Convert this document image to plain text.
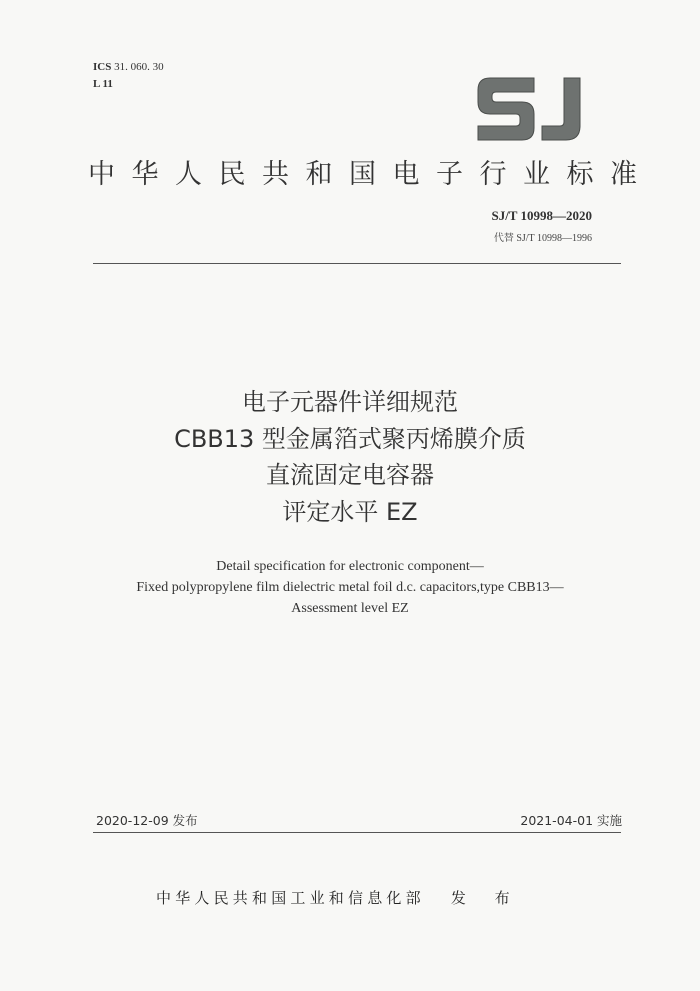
ICS 31. 060. 30
L 11
中华人民共和国电子行业标准
SJ/T 10998—2020
代替 SJ/T 10998—1996
电子元器件详细规范
CBB13 型金属箔式聚丙烯膜介质
直流固定电容器
评定水平 EZ
Detail specification for electronic component—
Fixed polypropylene film dielectric metal foil d.c. capacitors,type CBB13—
Assessment level EZ
2020-12-09 发布	2021-04-01 实施
中华人民共和国工业和信息化部 发 布
